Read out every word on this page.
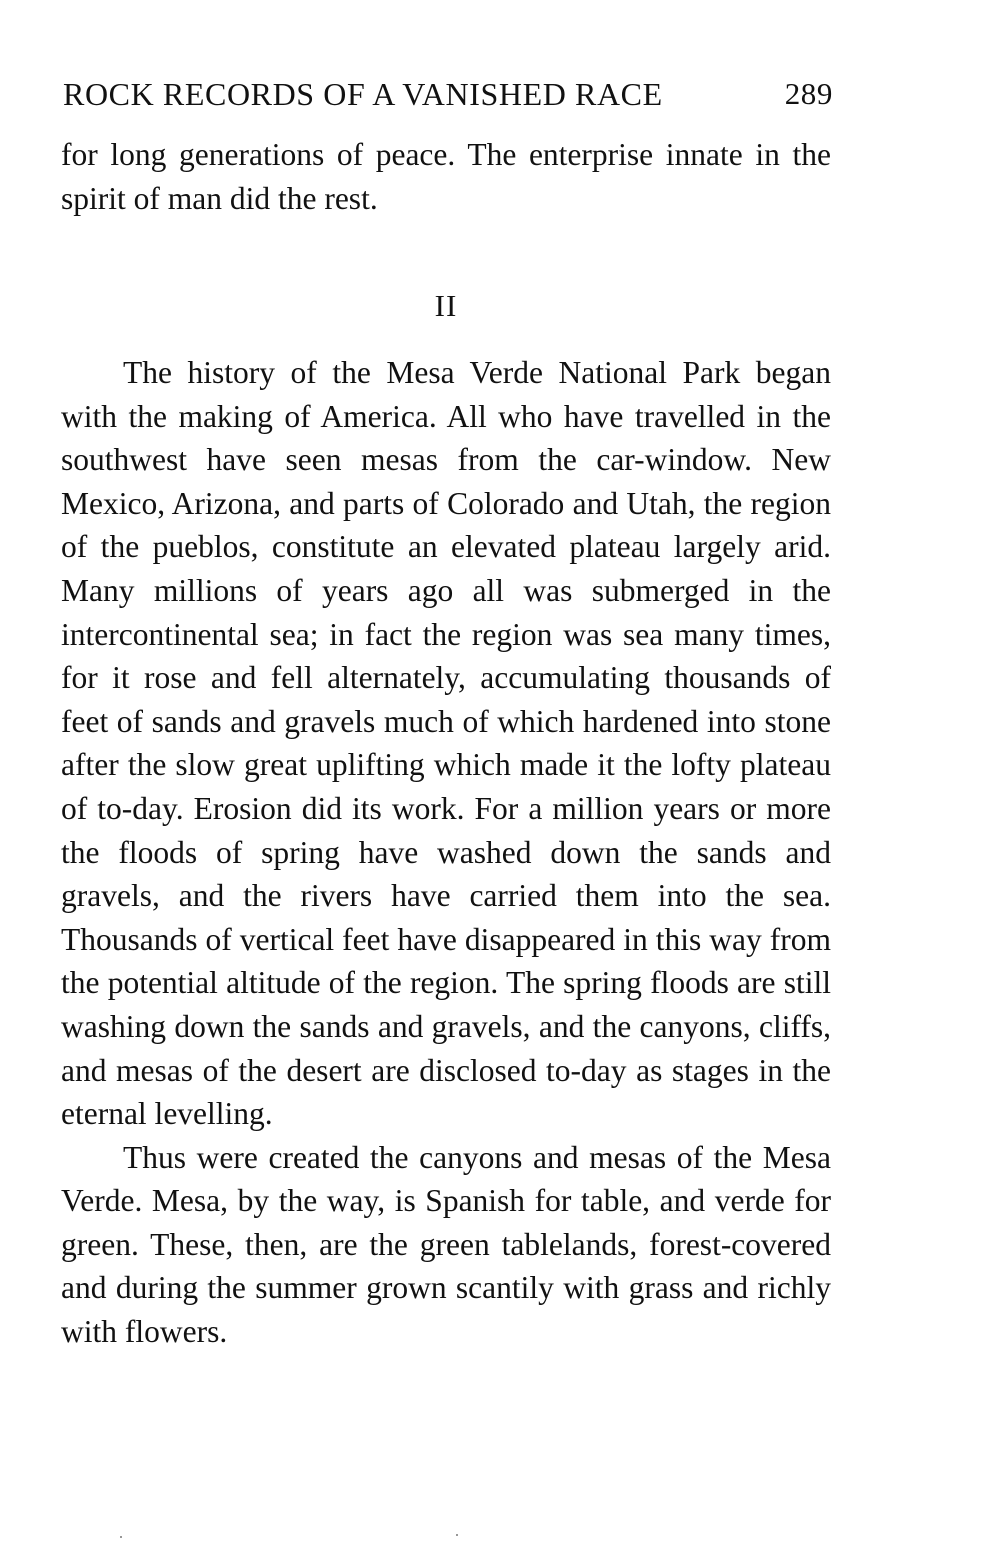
ROCK RECORDS OF A VANISHED RACE	289

for long generations of peace. The enterprise innate in the spirit of man did the rest.

II

The history of the Mesa Verde National Park began with the making of America. All who have travelled in the southwest have seen mesas from the car-window. New Mexico, Arizona, and parts of Colorado and Utah, the region of the pueblos, constitute an elevated plateau largely arid. Many millions of years ago all was submerged in the intercontinental sea; in fact the region was sea many times, for it rose and fell alternately, accumulating thousands of feet of sands and gravels much of which hardened into stone after the slow great uplifting which made it the lofty plateau of to-day. Erosion did its work. For a million years or more the floods of spring have washed down the sands and gravels, and the rivers have carried them into the sea. Thousands of vertical feet have disappeared in this way from the potential altitude of the region. The spring floods are still washing down the sands and gravels, and the canyons, cliffs, and mesas of the desert are disclosed to-day as stages in the eternal levelling.

Thus were created the canyons and mesas of the Mesa Verde. Mesa, by the way, is Spanish for table, and verde for green. These, then, are the green tablelands, forest-covered and during the summer grown scantily with grass and richly with flowers.
